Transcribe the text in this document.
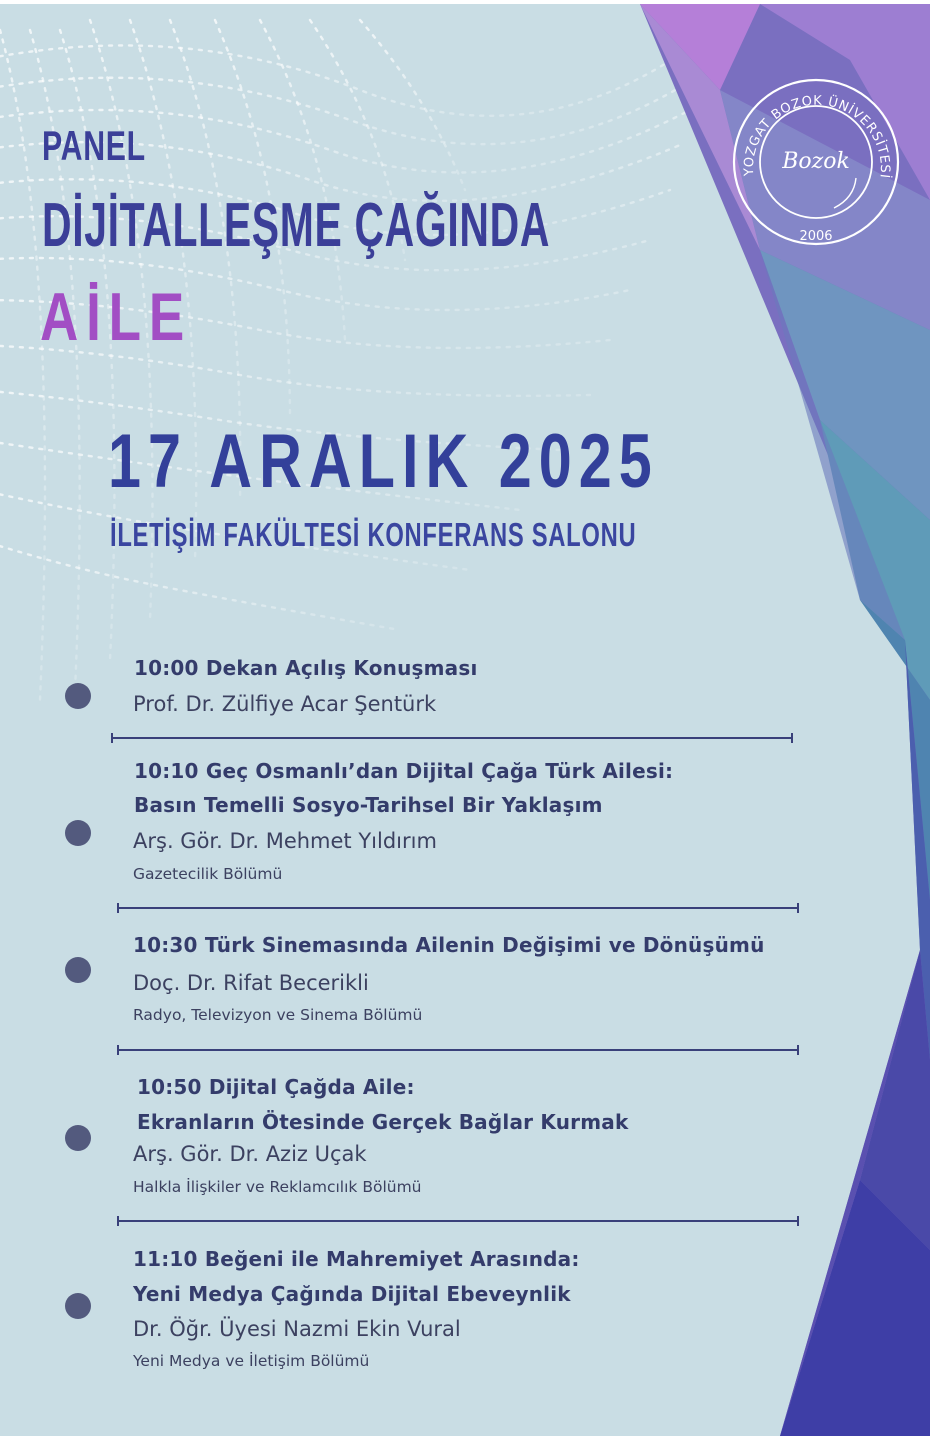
PANEL
DİJİTALLEŞME ÇAĞINDA
AİLE
17 ARALIK 2025
İLETİŞİM FAKÜLTESİ KONFERANS SALONU
YOZGAT BOZOK ÜNİVERSİTESİ
Bozok
2006
10:00 Dekan Açılış Konuşması
Prof. Dr. Zülfiye Acar Şentürk
10:10 Geç Osmanlı’dan Dijital Çağa Türk Ailesi:
Basın Temelli Sosyo-Tarihsel Bir Yaklaşım
Arş. Gör. Dr. Mehmet Yıldırım
Gazetecilik Bölümü
10:30 Türk Sinemasında Ailenin Değişimi ve Dönüşümü
Doç. Dr. Rifat Becerikli
Radyo, Televizyon ve Sinema Bölümü
10:50 Dijital Çağda Aile:
Ekranların Ötesinde Gerçek Bağlar Kurmak
Arş. Gör. Dr. Aziz Uçak
Halkla İlişkiler ve Reklamcılık Bölümü
11:10 Beğeni ile Mahremiyet Arasında:
Yeni Medya Çağında Dijital Ebeveynlik
Dr. Öğr. Üyesi Nazmi Ekin Vural
Yeni Medya ve İletişim Bölümü
